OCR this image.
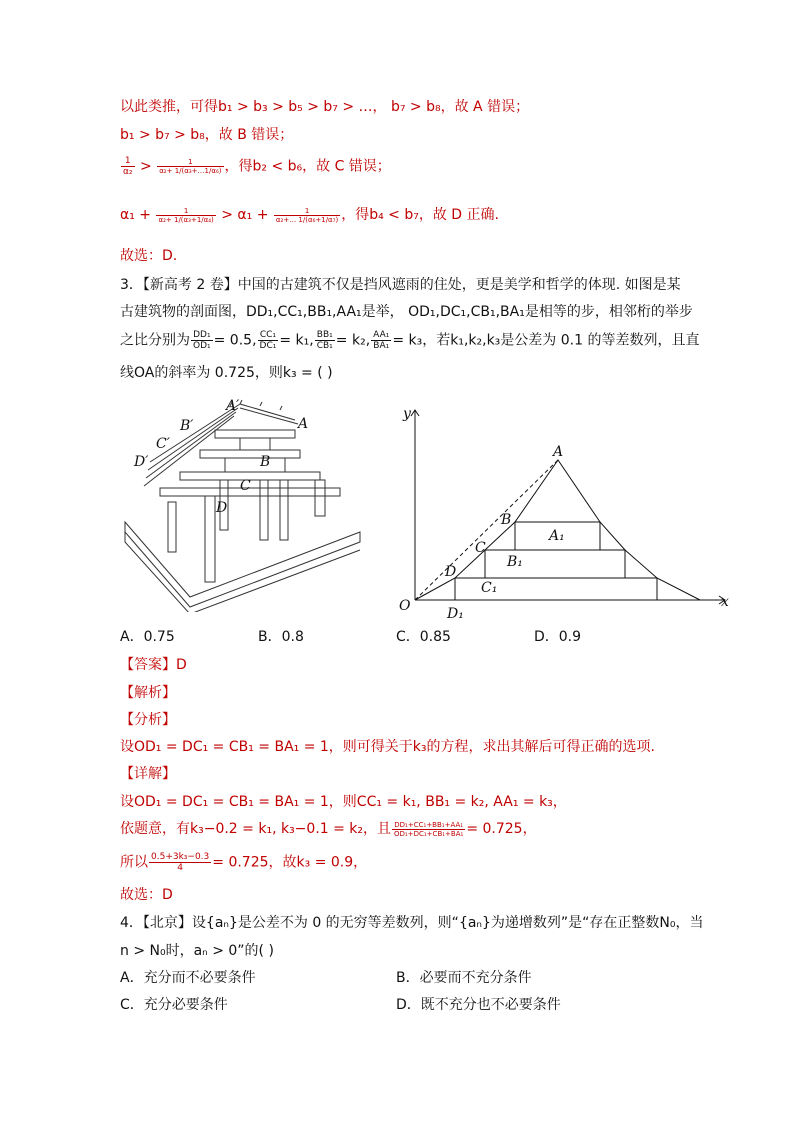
以此类推，可得b₁ > b₃ > b₅ > b₇ > …， b₇ > b₈，故 A 错误；
b₁ > b₇ > b₈，故 B 错误；
$\frac{1}{\text{α₂}} > \frac{1}{\text{α₂+ 1/(α₃+…1/α₆)}}$ ，得b₂ < b₆，故 C 错误；
$\alpha_1 + \frac{1}{\text{α₂+ 1/(α₃+1/α₄)}} > \alpha_1 + \frac{1}{\text{α₂+… 1/(α₆+1/α₇)}}$ ，得b₄ < b₇，故 D 正确.
故选：D.
3．【新高考 2 卷】中国的古建筑不仅是挡风遮雨的住处，更是美学和哲学的体现. 如图是某
古建筑物的剖面图，DD₁,CC₁,BB₁,AA₁是举， OD₁,DC₁,CB₁,BA₁是相等的步，相邻桁的举步
之比分别为 $\frac{\text{DD₁}}{\text{OD₁}} = 0.5$, $\frac{\text{CC₁}}{\text{DC₁}} = k_1$, $\frac{\text{BB₁}}{\text{CB₁}} = k_2$, $\frac{\text{AA₁}}{\text{BA₁}} = k_3$，若k₁,k₂,k₃是公差为 0.1 的等差数列，且直
线OA的斜率为 0.725，则k₃ = ( )
A′
A
B′
C′
D′	B
C
D
y
x
O
A
B
C
D
A₁
B₁
C₁
D₁
A．0.75	B．0.8	C．0.85	D．0.9
【答案】D
【解析】
【分析】
设OD₁ = DC₁ = CB₁ = BA₁ = 1，则可得关于k₃的方程，求出其解后可得正确的选项.
【详解】
设OD₁ = DC₁ = CB₁ = BA₁ = 1，则CC₁ = k₁, BB₁ = k₂, AA₁ = k₃，
依题意，有k₃−0.2 = k₁, k₃−0.1 = k₂，且 $\frac{\text{DD₁+CC₁+BB₁+AA₁}}{\text{OD₁+DC₁+CB₁+BA₁}} = 0.725$，
所以 $\frac{\text{0.5+3k₃−0.3}}{4} = 0.725$，故k₃ = 0.9，
故选：D
4．【北京】设{aₙ}是公差不为 0 的无穷等差数列，则“{aₙ}为递增数列”是“存在正整数N₀，当
n > N₀时，aₙ > 0”的( )
A．充分而不必要条件	B．必要而不充分条件
C．充分必要条件	D．既不充分也不必要条件
